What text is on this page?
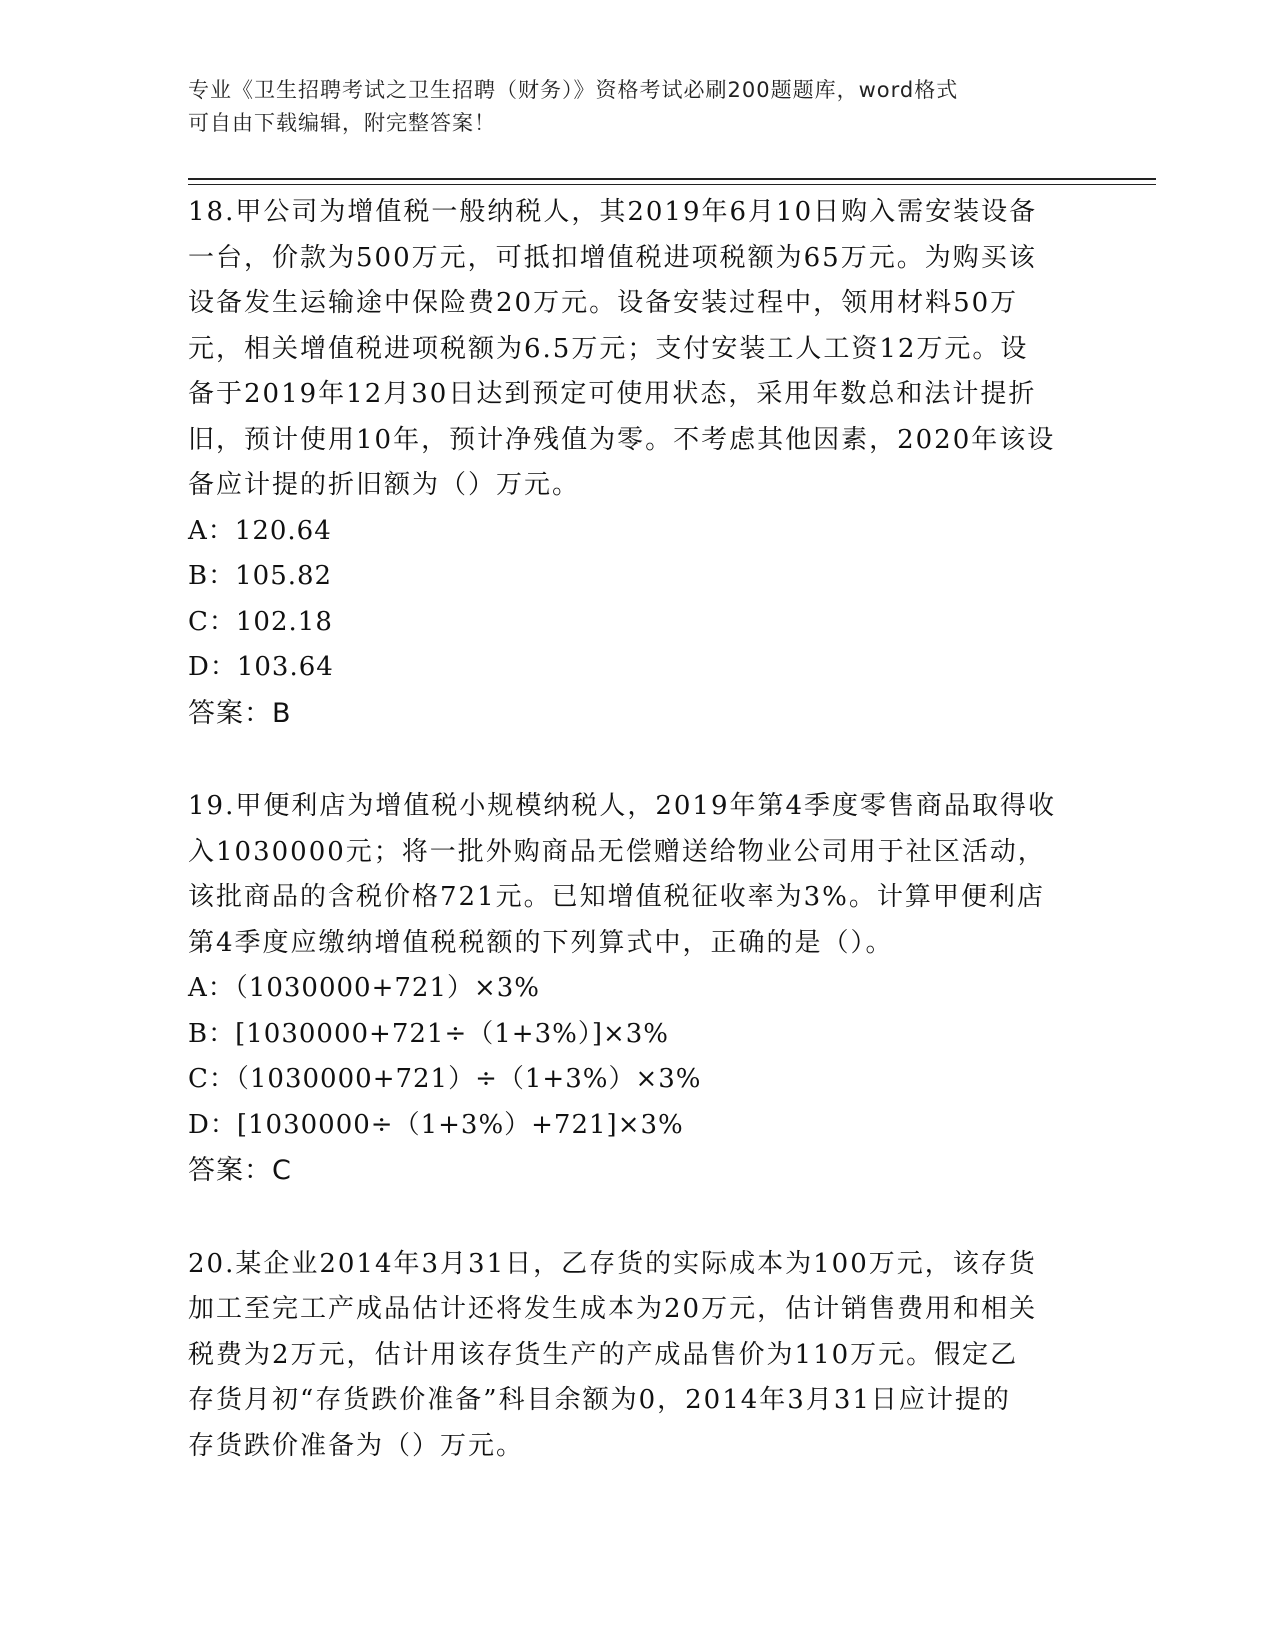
专业《卫生招聘考试之卫生招聘（财务）》资格考试必刷200题题库，word格式
可自由下载编辑，附完整答案！

18.甲公司为增值税一般纳税人，其2019年6月10日购入需安装设备
一台，价款为500万元，可抵扣增值税进项税额为65万元。为购买该
设备发生运输途中保险费20万元。设备安装过程中，领用材料50万
元，相关增值税进项税额为6.5万元；支付安装工人工资12万元。设
备于2019年12月30日达到预定可使用状态，采用年数总和法计提折
旧，预计使用10年，预计净残值为零。不考虑其他因素，2020年该设
备应计提的折旧额为（）万元。

A：120.64

B：105.82

C：102.18

D：103.64

答案：B

19.甲便利店为增值税小规模纳税人，2019年第4季度零售商品取得收
入1030000元；将一批外购商品无偿赠送给物业公司用于社区活动，
该批商品的含税价格721元。已知增值税征收率为3%。计算甲便利店
第4季度应缴纳增值税税额的下列算式中，正确的是（）。

A：（1030000+721）×3%

B：[1030000+721÷（1+3%）]×3%

C：（1030000+721）÷（1+3%）×3%

D：[1030000÷（1+3%）+721]×3%

答案：C

20.某企业2014年3月31日，乙存货的实际成本为100万元，该存货
加工至完工产成品估计还将发生成本为20万元，估计销售费用和相关
税费为2万元，估计用该存货生产的产成品售价为110万元。假定乙
存货月初“存货跌价准备”科目余额为0，2014年3月31日应计提的
存货跌价准备为（）万元。
